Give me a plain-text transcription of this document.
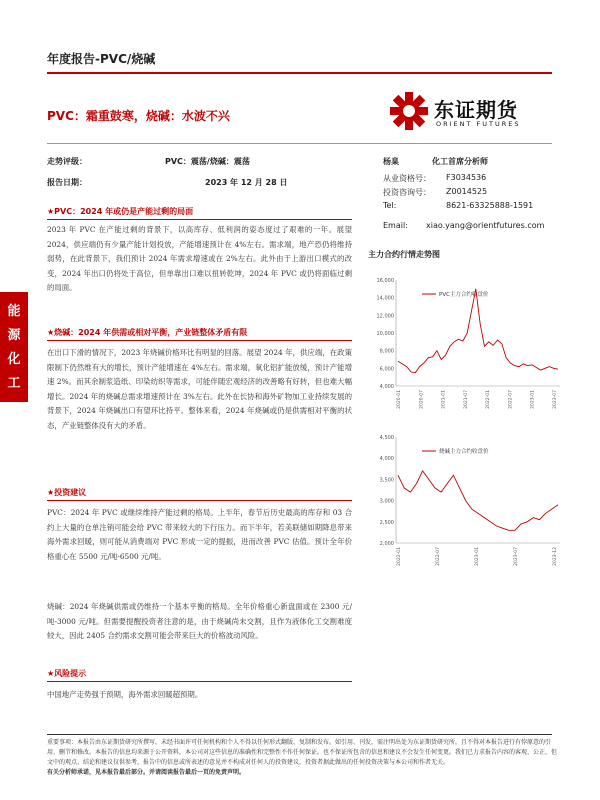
年度报告-PVC/烧碱
PVC：霜重鼓寒，烧碱：水波不兴	东证期货
ORIENT FUTURES
走势评级：	PVC：震荡/烧碱：震荡
报告日期：	2023 年 12 月 28 日
杨臬	化工首席分析师
从业资格号： F3034536
投资咨询号： Z0014525
Tel:	8621-63325888-1591
Email: xiao.yang@orientfutures.com
能源化工
★PVC：2024 年或仍是产能过剩的局面

2023 年 PVC 在产能过剩的背景下，以高库存、低利润的姿态度过了艰难的一年。展望 2024，供应端仍有少量产能计划投放，产能增速预计在 4%左右。需求端，地产恐仍将维持弱势，在此背景下，我们预计 2024 年需求增速或在 2%左右。此外由于上游出口模式的改变，2024 年出口仍将处于高位，但单靠出口难以扭转乾坤，2024 年 PVC 或仍将面临过剩的局面。

★烧碱：2024 年供需或相对平衡，产业链整体矛盾有限

在出口下滑的情况下，2023 年烧碱价格环比有明显的回落。展望 2024 年，供应端，在政策限制下仍然维有大的增长，预计产能增速在 4%左右。需求端，氧化铝扩能放缓，预计产能增速 2%。而其余制浆造纸、印染纺织等需求，可能伴随宏观经济的改善略有好转，但也难大幅增长。2024 年的烧碱总需求增速预计在 3%左右。此外在长协和海外矿物加工业持续发展的背景下，2024 年烧碱出口有望环比持平。整体来看，2024 年烧碱或仍是供需相对平衡的状态，产业链整体没有大的矛盾。

★投资建议

PVC：2024 年 PVC 或继续维持产能过剩的格局。上半年，春节后历史最高的库存和 03 合约上大量的仓单注销可能会给 PVC 带来较大的下行压力。而下半年，若美联储如期降息带来海外需求回暖，则可能从消费端对 PVC 形成一定的提振，进而改善 PVC 估值。预计全年价格重心在 5500 元/吨-6500 元/吨。

烧碱：2024 年烧碱供需或仍维持一个基本平衡的格局。全年价格重心新盘面或在 2300 元/吨-3000 元/吨。但需要提醒投资者注意的是，由于烧碱尚未交割，且作为液体化工交割难度较大，因此 2405 合约需求交割可能会带来巨大的价格波动风险。

★风险提示

中国地产走势强于预期，海外需求回暖超预期。

主力合约行情走势图
16,000
14,000
12,000
10,000
8,000
6,000
4,000
2020-01	2020-07	2021-01	2021-07	2022-01	2022-07	2023-01	2023-07
PVC主力合约收盘价
4,500
4,000
3,500
3,000
2,500
2,000
2022-01	2022-07	2023-01	2023-07	2023-12
烧碱主力合约收盘价
重要事项：本报告由东证期货研究所撰写，未经书面许可任何机构和个人不得以任何形式翻版、复制和发布。如引用、刊发，需注明出处为东证期货研究所，且不得对本报告进行有悖原意的引用、删节和修改。本报告的信息均来源于公开资料，本公司对这些信息的准确性和完整性不作任何保证。也不保证所包含的信息和建议不会发生任何变更。我们已力求报告内容的客观、公正，但文中的观点、结论和建议仅供参考，报告中的信息或所表述的意见并不构成对任何人的投资建议，投资者据此做出的任何投资决策与本公司和作者无关。
有关分析师承诺，见本报告最后部分。并请阅读报告最后一页的免责声明。
